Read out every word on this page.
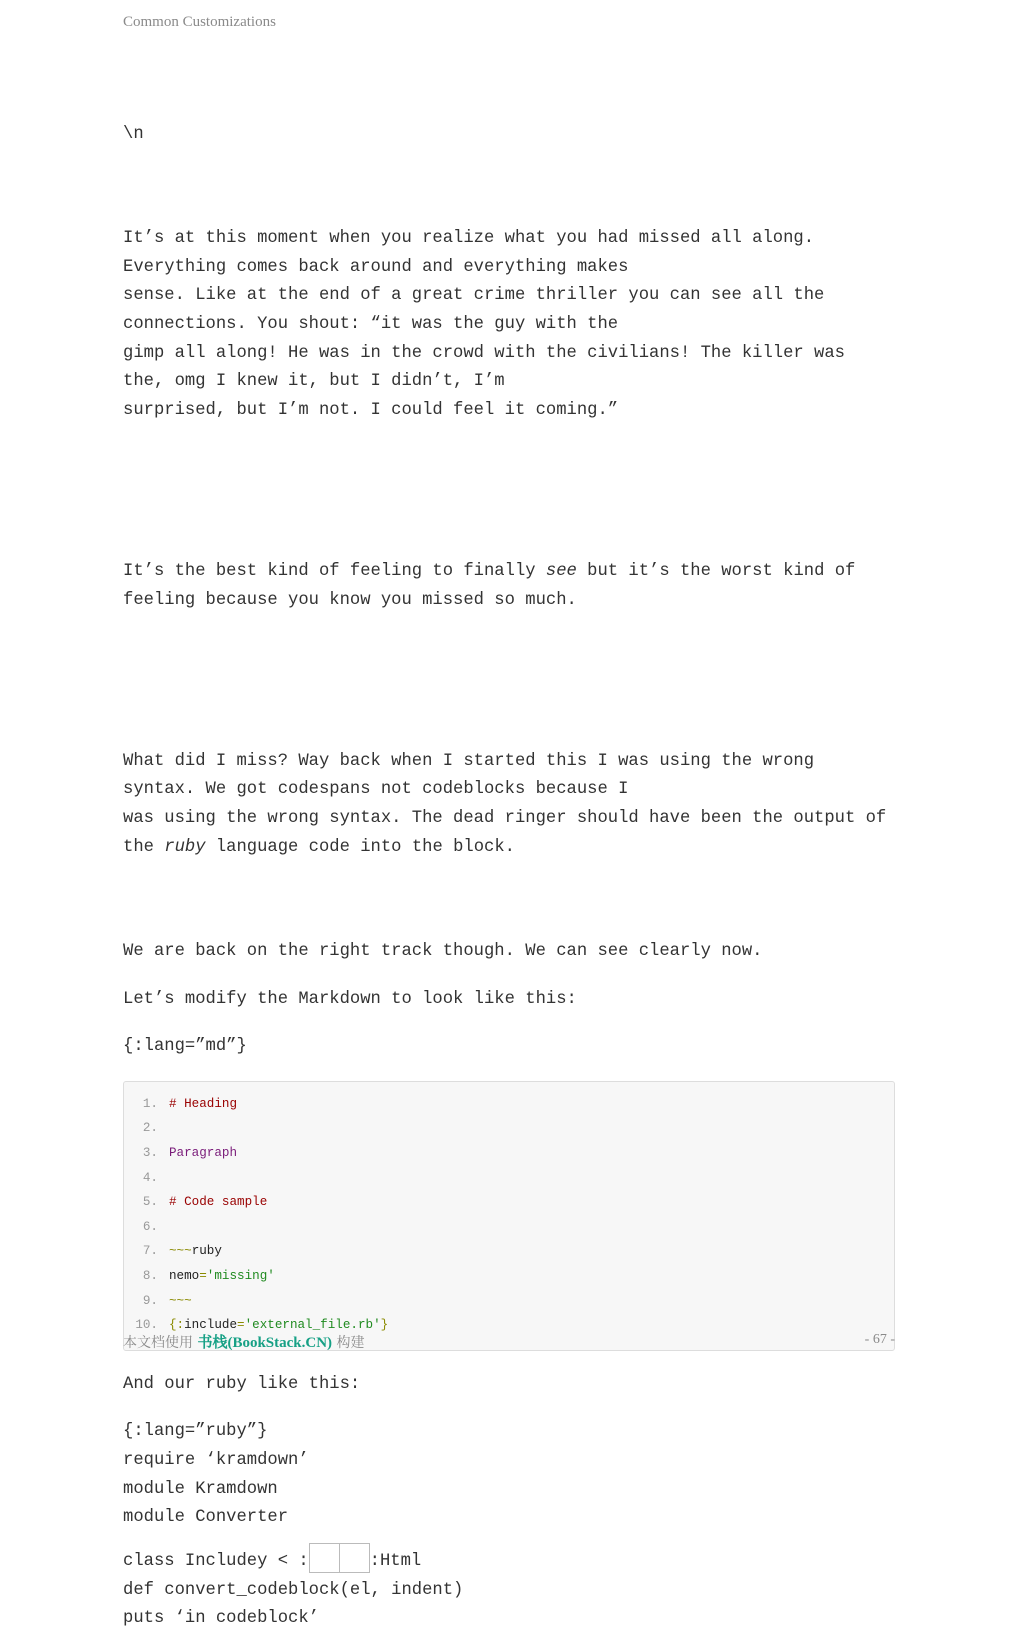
Common Customizations

\n

It’s at this moment when you realize what you had missed all along.
Everything comes back around and everything makes
sense. Like at the end of a great crime thriller you can see all the
connections. You shout: “it was the guy with the
gimp all along! He was in the crowd with the civilians! The killer was
the, omg I knew it, but I didn’t, I’m
surprised, but I’m not. I could feel it coming.”

It’s the best kind of feeling to finally see but it’s the worst kind of
feeling because you know you missed so much.

What did I miss? Way back when I started this I was using the wrong
syntax. We got codespans not codeblocks because I
was using the wrong syntax. The dead ringer should have been the output of
the ruby language code into the block.

We are back on the right track though. We can see clearly now.

Let’s modify the Markdown to look like this:

{:lang=”md”}

1. # Heading
2.
3. Paragraph
4.
5. # Code sample
6.
7. ~~~ ruby
8. nemo = 'missing'
9. ~~~
10. {: include = 'external_file.rb' }

And our ruby like this:

{:lang=”ruby”}
require ‘kramdown’
module Kramdown
module Converter
class Includey < :	:Html
def convert_codeblock(el, indent)
puts ‘in codeblock’
本文档使用 书栈(BookStack.CN) 构建	- 67 -
